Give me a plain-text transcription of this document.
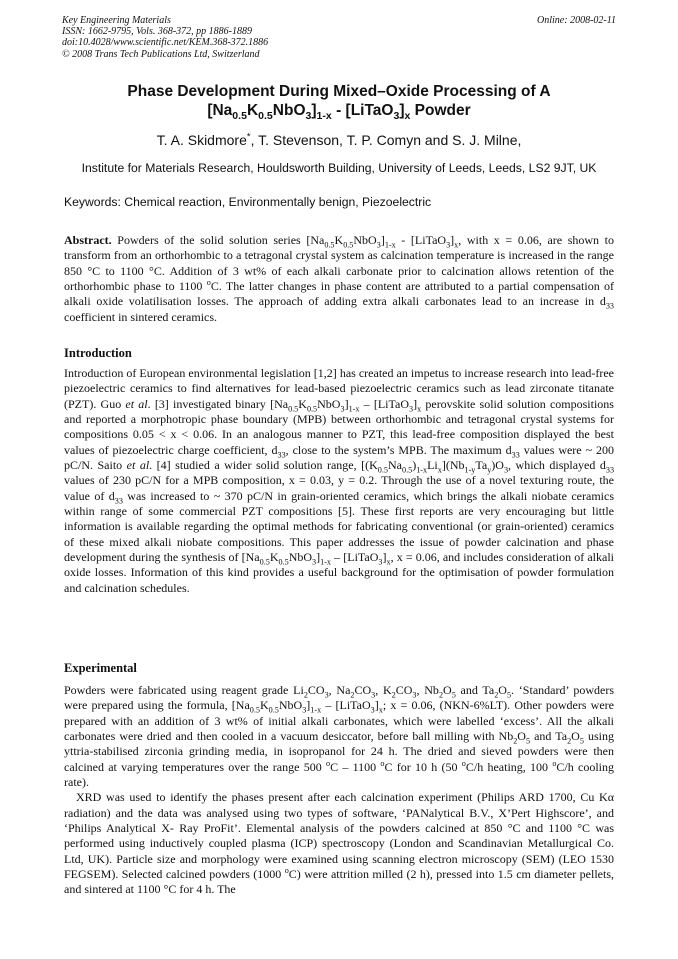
Key Engineering Materials
ISSN: 1662-9795, Vols. 368-372, pp 1886-1889
doi:10.4028/www.scientific.net/KEM.368-372.1886
© 2008 Trans Tech Publications Ltd, Switzerland
Online: 2008-02-11
Phase Development During Mixed–Oxide Processing of A
$[Na_{0.5}K_{0.5}NbO_3]_{1-x}$ - $[LiTaO_3]_x$ Powder
T. A. Skidmore*, T. Stevenson, T. P. Comyn and S. J. Milne,
Institute for Materials Research, Houldsworth Building, University of Leeds, Leeds, LS2 9JT, UK
Keywords: Chemical reaction, Environmentally benign, Piezoelectric

Abstract. Powders of the solid solution series $[Na_{0.5}K_{0.5}NbO_3]_{1-x}$ - $[LiTaO_3]_x$, with x = 0.06, are shown to transform from an orthorhombic to a tetragonal crystal system as calcination temperature is increased in the range 850 °C to 1100 °C. Addition of 3 wt% of each alkali carbonate prior to calcination allows retention of the orthorhombic phase to 1100 $^o$C. The latter changes in phase content are attributed to a partial compensation of alkali oxide volatilisation losses. The approach of adding extra alkali carbonates lead to an increase in $d_{33}$ coefficient in sintered ceramics.

Introduction

Introduction of European environmental legislation [1,2] has created an impetus to increase research into lead-free piezoelectric ceramics to find alternatives for lead-based piezoelectric ceramics such as lead zirconate titanate (PZT). Guo et al. [3] investigated binary $[Na_{0.5}K_{0.5}NbO_3]_{1-x}$ – $[LiTaO_3]_x$ perovskite solid solution compositions and reported a morphotropic phase boundary (MPB) between orthorhombic and tetragonal crystal systems for compositions 0.05 < x < 0.06. In an analogous manner to PZT, this lead-free composition displayed the best values of piezoelectric charge coefficient, $d_{33}$, close to the system’s MPB. The maximum $d_{33}$ values were ~ 200 pC/N. Saito et al. [4] studied a wider solid solution range, $[(K_{0.5}Na_{0.5})_{1-x}Li_x](Nb_{1-y}Ta_y)O_3$, which displayed $d_{33}$ values of 230 pC/N for a MPB composition, x = 0.03, y = 0.2. Through the use of a novel texturing route, the value of $d_{33}$ was increased to ~ 370 pC/N in grain-oriented ceramics, which brings the alkali niobate ceramics within range of some commercial PZT compositions [5]. These first reports are very encouraging but little information is available regarding the optimal methods for fabricating conventional (or grain-oriented) ceramics of these mixed alkali niobate compositions. This paper addresses the issue of powder calcination and phase development during the synthesis of $[Na_{0.5}K_{0.5}NbO_3]_{1-x}$ – $[LiTaO_3]_x$, x = 0.06, and includes consideration of alkali oxide losses. Information of this kind provides a useful background for the optimisation of powder formulation and calcination schedules.

Experimental

Powders were fabricated using reagent grade $Li_2CO_3$, $Na_2CO_3$, $K_2CO_3$, $Nb_2O_5$ and $Ta_2O_5$. ‘Standard’ powders were prepared using the formula, $[Na_{0.5}K_{0.5}NbO_3]_{1-x}$ – $[LiTaO_3]_x$; x = 0.06, (NKN-6%LT). Other powders were prepared with an addition of 3 wt% of initial alkali carbonates, which were labelled ‘excess’. All the alkali carbonates were dried and then cooled in a vacuum desiccator, before ball milling with $Nb_2O_5$ and $Ta_2O_5$ using yttria-stabilised zirconia grinding media, in isopropanol for 24 h. The dried and sieved powders were then calcined at varying temperatures over the range 500 $^o$C – 1100 $^o$C for 10 h (50 $^o$C/h heating, 100 $^o$C/h cooling rate).

XRD was used to identify the phases present after each calcination experiment (Philips ARD 1700, Cu Kα radiation) and the data was analysed using two types of software, ‘PANalytical B.V., X’Pert Highscore’, and ‘Philips Analytical X- Ray ProFit’. Elemental analysis of the powders calcined at 850 °C and 1100 °C was performed using inductively coupled plasma (ICP) spectroscopy (London and Scandinavian Metallurgical Co. Ltd, UK). Particle size and morphology were examined using scanning electron microscopy (SEM) (LEO 1530 FEGSEM). Selected calcined powders (1000 $^o$C) were attrition milled (2 h), pressed into 1.5 cm diameter pellets, and sintered at 1100 °C for 4 h. The
